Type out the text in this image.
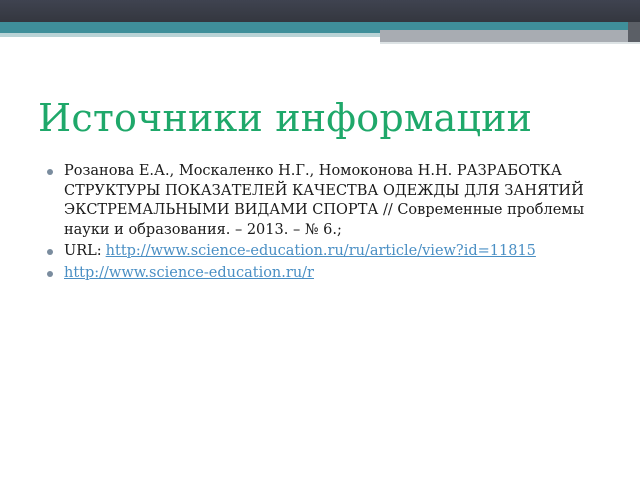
Источники информации
Розанова Е.А., Москаленко Н.Г., Номоконова Н.Н. РАЗРАБОТКА СТРУКТУРЫ ПОКАЗАТЕЛЕЙ КАЧЕСТВА ОДЕЖДЫ ДЛЯ ЗАНЯТИЙ ЭКСТРЕМАЛЬНЫМИ ВИДАМИ СПОРТА // Современные проблемы науки и образования. – 2013. – № 6.;
URL: http://www.science-education.ru/ru/article/view?id=11815
http://www.science-education.ru/r
